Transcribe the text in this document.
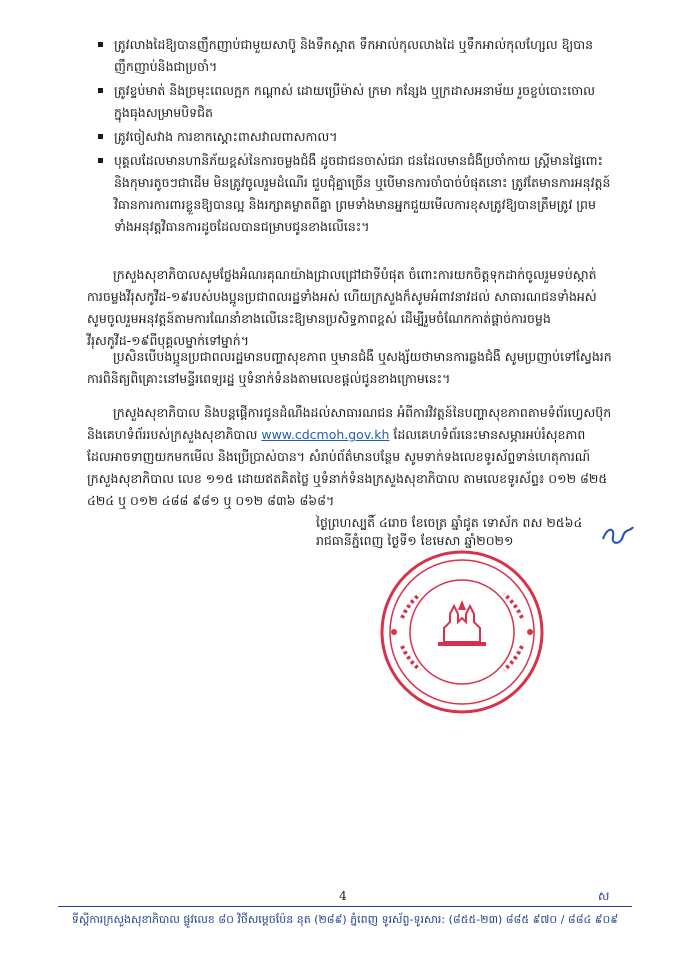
ត្រូវលាងដៃឱ្យបានញឹកញាប់ជាមួយសាប៊ូ និងទឹកស្អាត ទឹកអាល់កុលលាងដៃ ឬទឹកអាល់កុលហ្សែល ឱ្យបានញឹកញាប់និងជាប្រចាំ។
ត្រូវខ្ទប់មាត់ និងច្រមុះពេលក្អក កណ្តាស់ ដោយប្រើម៉ាស់ ក្រមា កន្សែង ឬក្រដាសអនាម័យ រួចខ្ចប់បោះចោលក្នុងធុងសម្រាមបិទជិត
ត្រូវចៀសវាង ការខាកស្តោះពាសវាលពាសកាល។
បុគ្គលដែលមានហានិភ័យខ្ពស់នៃការចម្លងជំងឺ ដូចជាជនចាស់ជរា ជនដែលមានជំងឺប្រចាំកាយ ស្ត្រីមានផ្ទៃពោះ និងកុមារតូចៗជាដើម មិនត្រូវចូលរួមដំណើរ ជួបជុំគ្នាច្រើន ឬបើមានការចាំបាច់បំផុតនោះ ត្រូវតែមានការអនុវត្តន៍វិធានការការពារខ្លួនឱ្យបានល្អ និងរក្សាគម្លាតពីគ្នា ព្រមទាំងមានអ្នកជួយមើលការខុសត្រូវឱ្យបានត្រឹមត្រូវ ព្រមទាំងអនុវត្តវិធានការដូចដែលបានជម្រាបជូនខាងលើនេះ។

ក្រសួងសុខាភិបាលសូមថ្លែងអំណរគុណយ៉ាងជ្រាលជ្រៅជាទីបំផុត ចំពោះការយកចិត្តទុកដាក់ចូលរួមទប់ស្កាត់ការចម្លងវីរុសកូវីដ-១៩របស់បងប្អូនប្រជាពលរដ្ឋទាំងអស់ ហើយក្រសួងក៏សូមអំពាវនាវដល់ សាធារណជនទាំងអស់សូមចូលរួមអនុវត្តន៍តាមការណែនាំខាងលើនេះឱ្យមានប្រសិទ្ធភាពខ្ពស់ ដើម្បីរួមចំណែកកាត់ផ្តាច់ការចម្លងវីរុសកូវីដ-១៩ពីបុគ្គលម្នាក់ទៅម្នាក់។

ប្រសិនបើបងប្អូនប្រជាពលរដ្ឋមានបញ្ហាសុខភាព ឬមានជំងឺ ឬសង្ស័យថាមានការឆ្លងជំងឺ សូមប្រញាប់ទៅស្វែងរកការពិនិត្យពិគ្រោះនៅមន្ទីរពេទ្យរដ្ឋ ឬទំនាក់ទំនងតាមលេខផ្តល់ជូនខាងក្រោមនេះ។

ក្រសួងសុខាភិបាល និងបន្តផ្តើការជូនដំណឹងដល់សាធារណជន អំពីការវិវត្តន៍នៃបញ្ហាសុខភាពតាមទំព័រហ្វេសប៊ុក និងគេហទំព័ររបស់ក្រសួងសុខាភិបាល www.cdcmoh.gov.kh ដែលគេហទំព័រនេះមានសម្ភារអប់រំសុខភាព ដែលអាចទាញយកមកមើល និងប្រើប្រាស់បាន។ សំរាប់ព័ត៌មានបន្ថែម សូមទាក់ទងលេខទូរស័ព្ទទាន់ហេតុការណ៍ ក្រសួងសុខាភិបាល លេខ ១១៥ ដោយឥតគិតថ្លៃ ឬទំនាក់ទំនងក្រសួងសុខាភិបាល តាមលេខទូរស័ព្ទ៖ ០១២ ៨២៥ ៤២៤ ឬ ០១២ ៤៨៨ ៩៨១ ឬ ០១២ ៨៣៦ ៨៦៨។

ថ្ងៃព្រហស្បតិ៍ ៤រោច ខែចេត្រ ឆ្នាំជូត ទោស័ក ពស ២៥៦៤
រាជធានីភ្នំពេញ ថ្ងៃទី១ ខែមេសា ឆ្នាំ២០២១
4	ស
ទីស្តីការក្រសួងសុខាភិបាល ផ្លូវលេខ ៨០ វិថីសម្តេចប៉ែន នុត (២៨៩) ភ្នំពេញ ទូរស័ព្ទ-ទូរសារ: (៨៥៥-២៣) ៨៨៥ ៩៧០ / ៨៨៤ ៩០៩
